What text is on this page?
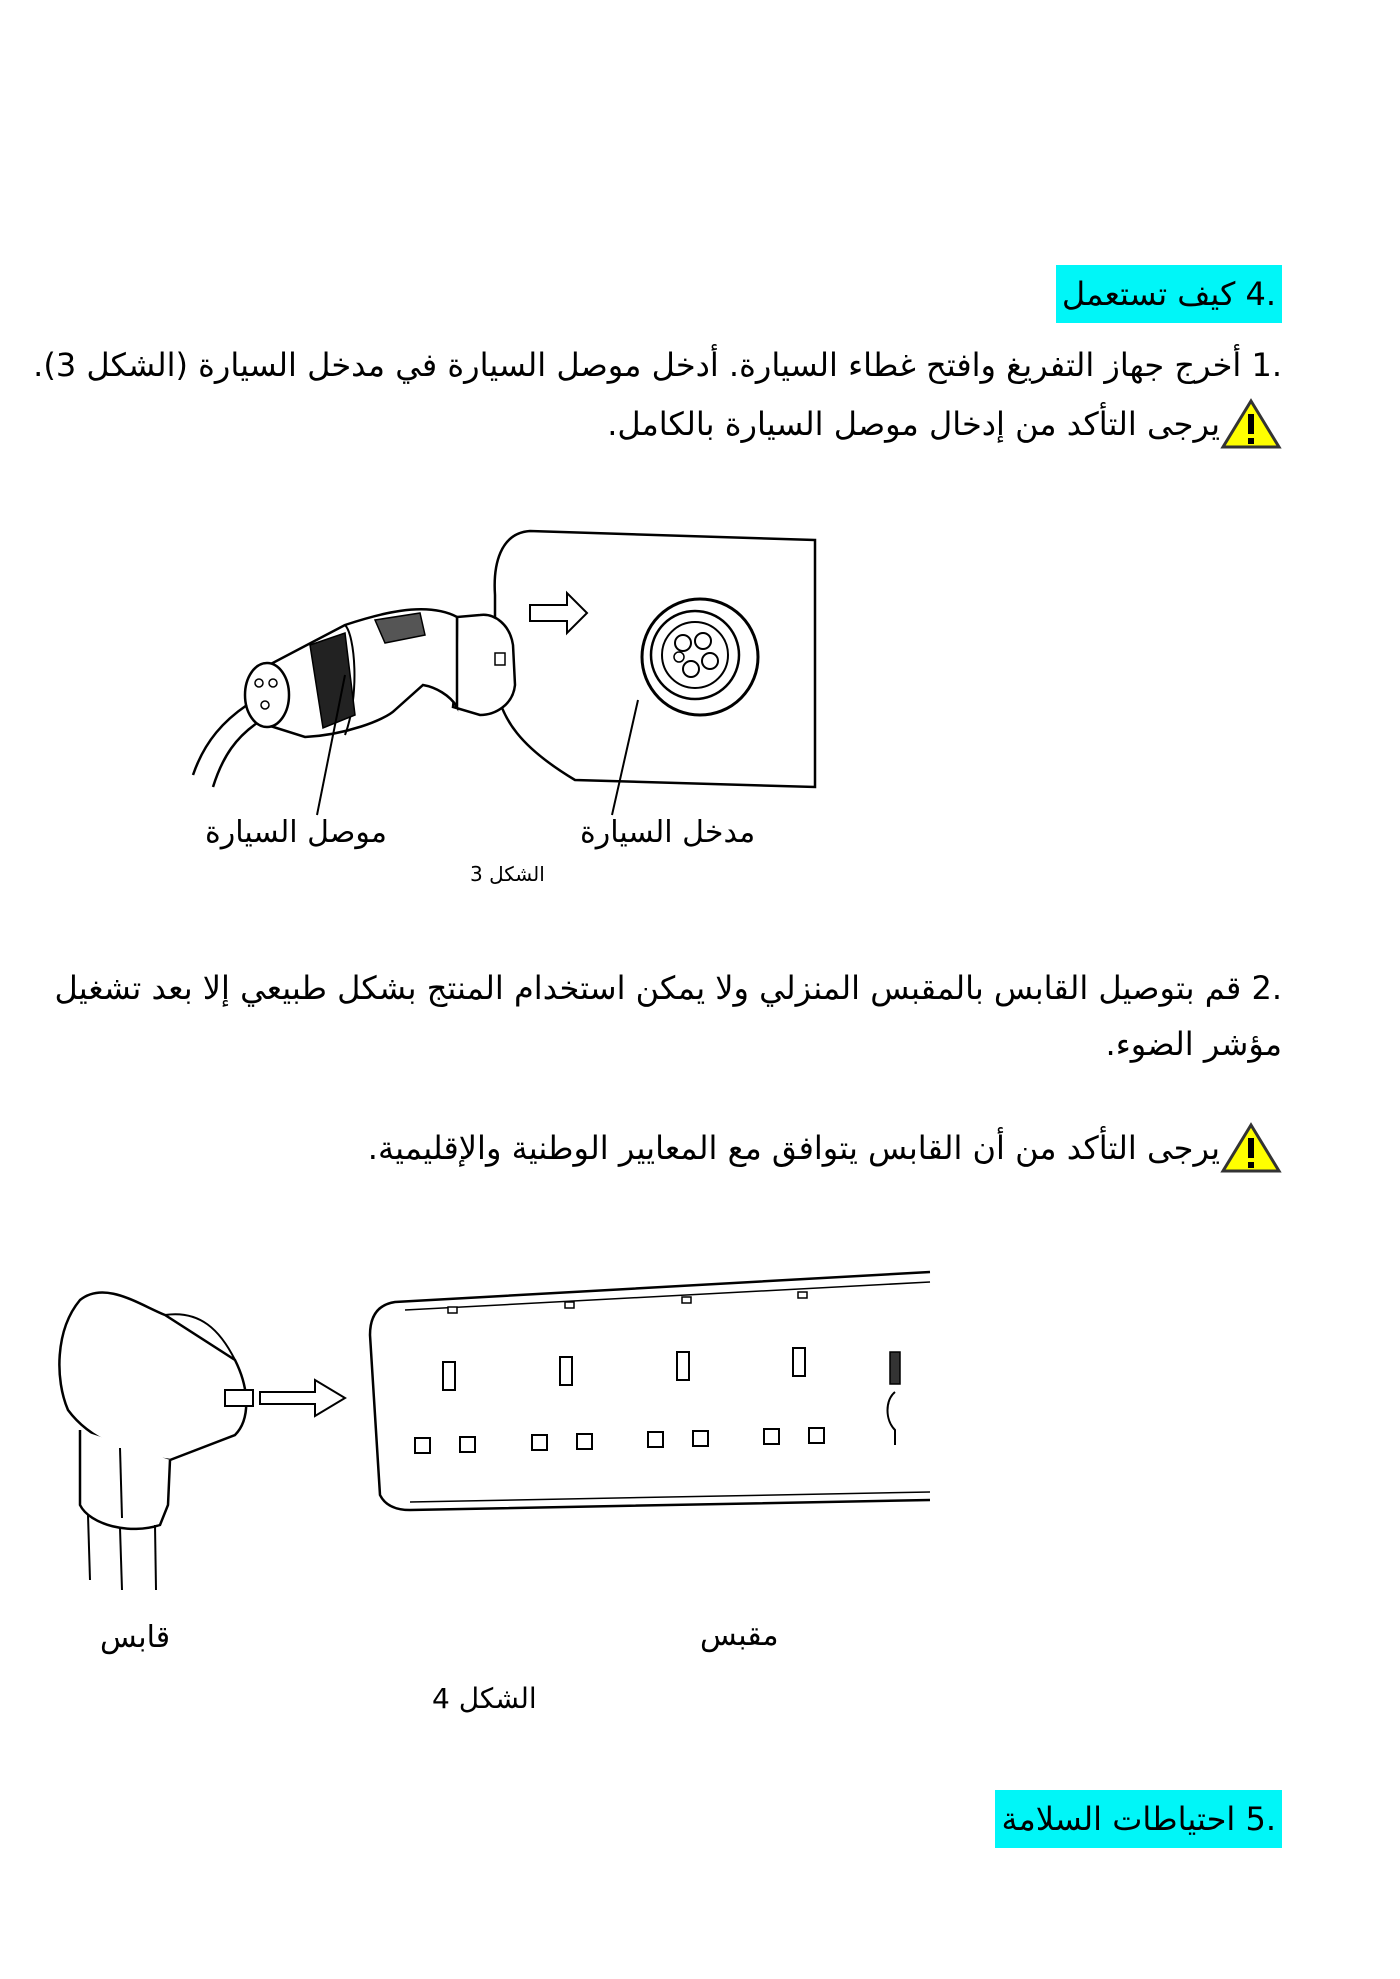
.4 كيف تستعمل
.1 أخرج جهاز التفريغ وافتح غطاء السيارة. أدخل موصل السيارة في مدخل السيارة (الشكل 3).
يرجى التأكد من إدخال موصل السيارة بالكامل.
موصل السيارة	مدخل السيارة
الشكل 3
.2 قم بتوصيل القابس بالمقبس المنزلي ولا يمكن استخدام المنتج بشكل طبيعي إلا بعد تشغيل مؤشر الضوء.
يرجى التأكد من أن القابس يتوافق مع المعايير الوطنية والإقليمية.
قابس	مقبس
الشكل 4
.5 احتياطات السلامة
